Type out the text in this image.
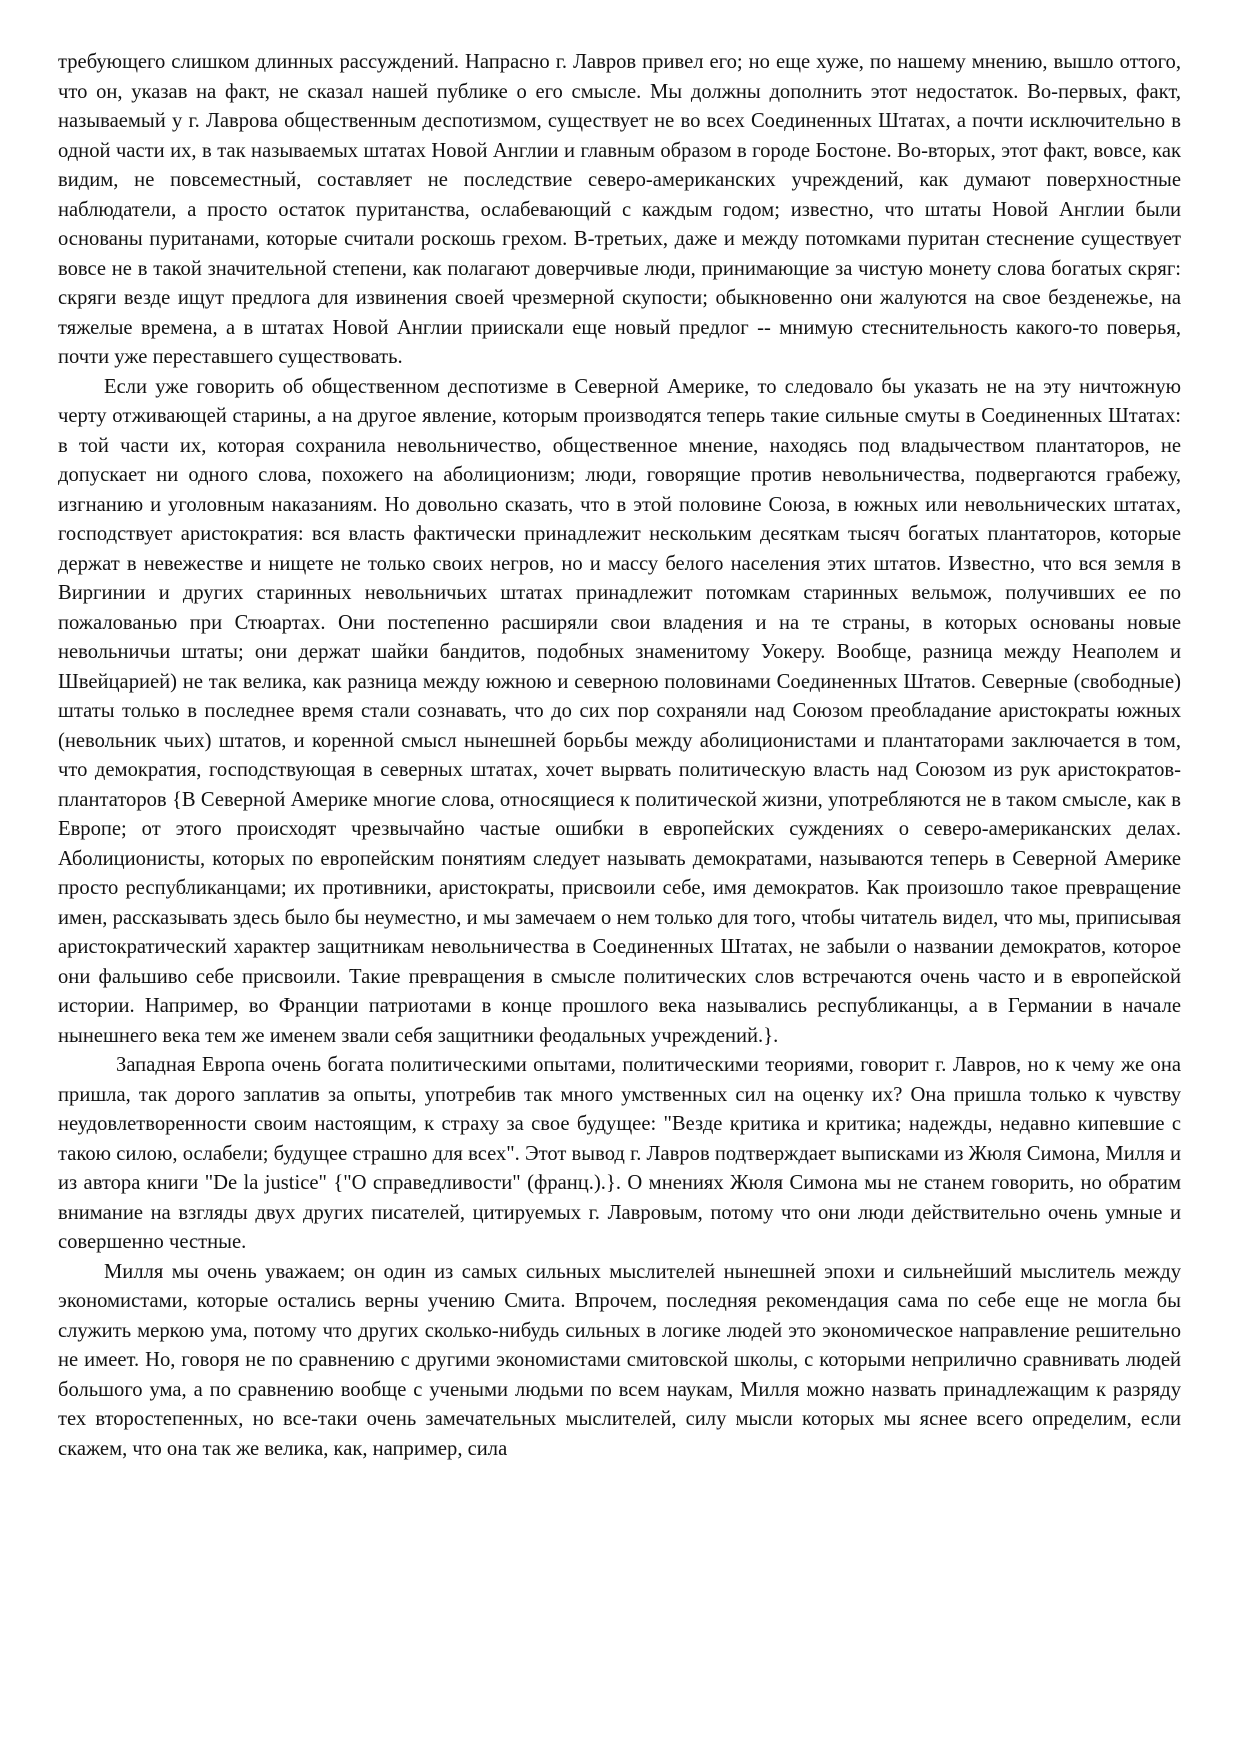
требующего слишком длинных рассуждений. Напрасно г. Лавров привел его; но еще хуже, по нашему мнению, вышло оттого, что он, указав на факт, не сказал нашей публике о его смысле. Мы должны дополнить этот недостаток. Во-первых, факт, называемый у г. Лаврова общественным деспотизмом, существует не во всех Соединенных Штатах, а почти исключительно в одной части их, в так называемых штатах Новой Англии и главным образом в городе Бостоне. Во-вторых, этот факт, вовсе, как видим, не повсеместный, составляет не последствие северо-американских учреждений, как думают поверхностные наблюдатели, а просто остаток пуританства, ослабевающий с каждым годом; известно, что штаты Новой Англии были основаны пуританами, которые считали роскошь грехом. В-третьих, даже и между потомками пуритан стеснение существует вовсе не в такой значительной степени, как полагают доверчивые люди, принимающие за чистую монету слова богатых скряг: скряги везде ищут предлога для извинения своей чрезмерной скупости; обыкновенно они жалуются на свое безденежье, на тяжелые времена, а в штатах Новой Англии приискали еще новый предлог -- мнимую стеснительность какого-то поверья, почти уже переставшего существовать.

Если уже говорить об общественном деспотизме в Северной Америке, то следовало бы указать не на эту ничтожную черту отживающей старины, а на другое явление, которым производятся теперь такие сильные смуты в Соединенных Штатах: в той части их, которая сохранила невольничество, общественное мнение, находясь под владычеством плантаторов, не допускает ни одного слова, похожего на аболиционизм; люди, говорящие против невольничества, подвергаются грабежу, изгнанию и уголовным наказаниям. Но довольно сказать, что в этой половине Союза, в южных или невольнических штатах, господствует аристократия: вся власть фактически принадлежит нескольким десяткам тысяч богатых плантаторов, которые держат в невежестве и нищете не только своих негров, но и массу белого населения этих штатов. Известно, что вся земля в Виргинии и других старинных невольничьих штатах принадлежит потомкам старинных вельмож, получивших ее по пожалованью при Стюартах. Они постепенно расширяли свои владения и на те страны, в которых основаны новые невольничьи штаты; они держат шайки бандитов, подобных знаменитому Уокеру. Вообще, разница между Неаполем и Швейцарией) не так велика, как разница между южною и северною половинами Соединенных Штатов. Северные (свободные) штаты только в последнее время стали сознавать, что до сих пор сохраняли над Союзом преобладание аристократы южных (невольник чьих) штатов, и коренной смысл нынешней борьбы между аболиционистами и плантаторами заключается в том, что демократия, господствующая в северных штатах, хочет вырвать политическую власть над Союзом из рук аристократов-плантаторов {В Северной Америке многие слова, относящиеся к политической жизни, употребляются не в таком смысле, как в Европе; от этого происходят чрезвычайно частые ошибки в европейских суждениях о северо-американских делах. Аболиционисты, которых по европейским понятиям следует называть демократами, называются теперь в Северной Америке просто республиканцами; их противники, аристократы, присвоили себе, имя демократов. Как произошло такое превращение имен, рассказывать здесь было бы неуместно, и мы замечаем о нем только для того, чтобы читатель видел, что мы, приписывая аристократический характер защитникам невольничества в Соединенных Штатах, не забыли о названии демократов, которое они фальшиво себе присвоили. Такие превращения в смысле политических слов встречаются очень часто и в европейской истории. Например, во Франции патриотами в конце прошлого века назывались республиканцы, а в Германии в начале нынешнего века тем же именем звали себя защитники феодальных учреждений.}.

Западная Европа очень богата политическими опытами, политическими теориями, говорит г. Лавров, но к чему же она пришла, так дорого заплатив за опыты, употребив так много умственных сил на оценку их? Она пришла только к чувству неудовлетворенности своим настоящим, к страху за свое будущее: "Везде критика и критика; надежды, недавно кипевшие с такою силою, ослабели; будущее страшно для всех". Этот вывод г. Лавров подтверждает выписками из Жюля Симона, Милля и из автора книги "De la justice" {"О справедливости" (франц.).}. О мнениях Жюля Симона мы не станем говорить, но обратим внимание на взгляды двух других писателей, цитируемых г. Лавровым, потому что они люди действительно очень умные и совершенно честные.

Милля мы очень уважаем; он один из самых сильных мыслителей нынешней эпохи и сильнейший мыслитель между экономистами, которые остались верны учению Смита. Впрочем, последняя рекомендация сама по себе еще не могла бы служить меркою ума, потому что других сколько-нибудь сильных в логике людей это экономическое направление решительно не имеет. Но, говоря не по сравнению с другими экономистами смитовской школы, с которыми неприлично сравнивать людей большого ума, а по сравнению вообще с учеными людьми по всем наукам, Милля можно назвать принадлежащим к разряду тех второстепенных, но все-таки очень замечательных мыслителей, силу мысли которых мы яснее всего определим, если скажем, что она так же велика, как, например, сила
